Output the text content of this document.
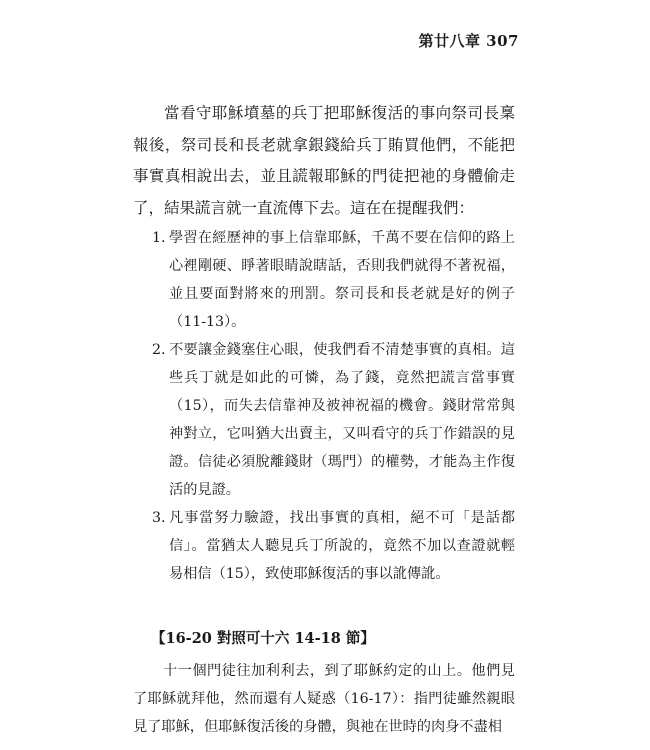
第廿八章 307

當看守耶穌墳墓的兵丁把耶穌復活的事向祭司長稟報後，祭司長和長老就拿銀錢給兵丁賄買他們，不能把事實真相說出去，並且謊報耶穌的門徒把祂的身體偷走了，結果謊言就一直流傳下去。這在在提醒我們：

1. 學習在經歷神的事上信靠耶穌，千萬不要在信仰的路上心裡剛硬、睜著眼睛說瞎話，否則我們就得不著祝福，並且要面對將來的刑罰。祭司長和長老就是好的例子（11-13）。
2. 不要讓金錢塞住心眼，使我們看不清楚事實的真相。這些兵丁就是如此的可憐，為了錢，竟然把謊言當事實（15），而失去信靠神及被神祝福的機會。錢財常常與神對立，它叫猶大出賣主，又叫看守的兵丁作錯誤的見證。信徒必須脫離錢財（瑪門）的權勢，才能為主作復活的見證。
3. 凡事當努力驗證，找出事實的真相，絕不可「是話都信」。當猶太人聽見兵丁所說的，竟然不加以查證就輕易相信（15），致使耶穌復活的事以訛傳訛。
【16-20 對照可十六 14-18 節】

十一個門徒往加利利去，到了耶穌約定的山上。他們見了耶穌就拜他，然而還有人疑惑（16-17）：指門徒雖然親眼見了耶穌，但耶穌復活後的身體，與祂在世時的肉身不盡相
